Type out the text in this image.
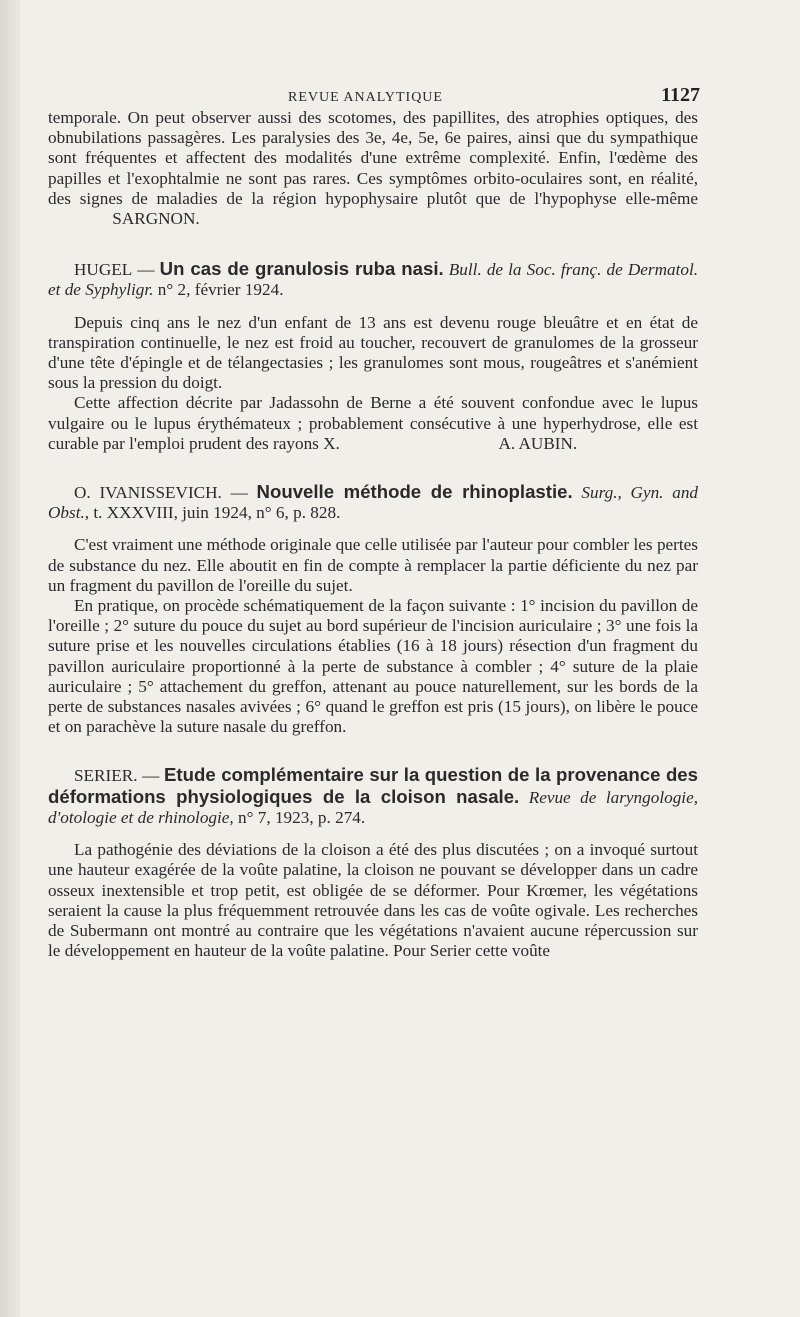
REVUE ANALYTIQUE	1127

temporale. On peut observer aussi des scotomes, des papillites, des atrophies optiques, des obnubilations passagères. Les paralysies des 3e, 4e, 5e, 6e paires, ainsi que du sympathique sont fréquentes et affectent des modalités d'une extrême complexité. Enfin, l'œdème des papilles et l'exophtalmie ne sont pas rares. Ces symptômes orbito-oculaires sont, en réalité, des signes de maladies de la région hypophysaire plutôt que de l'hypophyse elle-même  SARGNON.

HUGEL — Un cas de granulosis ruba nasi. Bull. de la Soc. franç. de Dermatol. et de Syphyligr. n° 2, février 1924.

Depuis cinq ans le nez d'un enfant de 13 ans est devenu rouge bleuâtre et en état de transpiration continuelle, le nez est froid au toucher, recouvert de granulomes de la grosseur d'une tête d'épingle et de télangectasies ; les granulomes sont mous, rougeâtres et s'anémient sous la pression du doigt.

Cette affection décrite par Jadassohn de Berne a été souvent confondue avec le lupus vulgaire ou le lupus érythémateux ; probablement consécutive à une hyperhydrose, elle est curable par l'emploi prudent des rayons X.	A. AUBIN.

O. IVANISSEVICH. — Nouvelle méthode de rhinoplastie. Surg., Gyn. and Obst., t. XXXVIII, juin 1924, n° 6, p. 828.

C'est vraiment une méthode originale que celle utilisée par l'auteur pour combler les pertes de substance du nez. Elle aboutit en fin de compte à remplacer la partie déficiente du nez par un fragment du pavillon de l'oreille du sujet.

En pratique, on procède schématiquement de la façon suivante : 1° incision du pavillon de l'oreille ; 2° suture du pouce du sujet au bord supérieur de l'incision auriculaire ; 3° une fois la suture prise et les nouvelles circulations établies (16 à 18 jours) résection d'un fragment du pavillon auriculaire proportionné à la perte de substance à combler ; 4° suture de la plaie auriculaire ; 5° attachement du greffon, attenant au pouce naturellement, sur les bords de la perte de substances nasales avivées ; 6° quand le greffon est pris (15 jours), on libère le pouce et on parachève la suture nasale du greffon.

SERIER. — Etude complémentaire sur la question de la provenance des déformations physiologiques de la cloison nasale. Revue de laryngologie, d'otologie et de rhinologie, n° 7, 1923, p. 274.

La pathogénie des déviations de la cloison a été des plus discutées ; on a invoqué surtout une hauteur exagérée de la voûte palatine, la cloison ne pouvant se développer dans un cadre osseux inextensible et trop petit, est obligée de se déformer. Pour Krœmer, les végétations seraient la cause la plus fréquemment retrouvée dans les cas de voûte ogivale. Les recherches de Subermann ont montré au contraire que les végétations n'avaient aucune répercussion sur le développement en hauteur de la voûte palatine. Pour Serier cette voûte
